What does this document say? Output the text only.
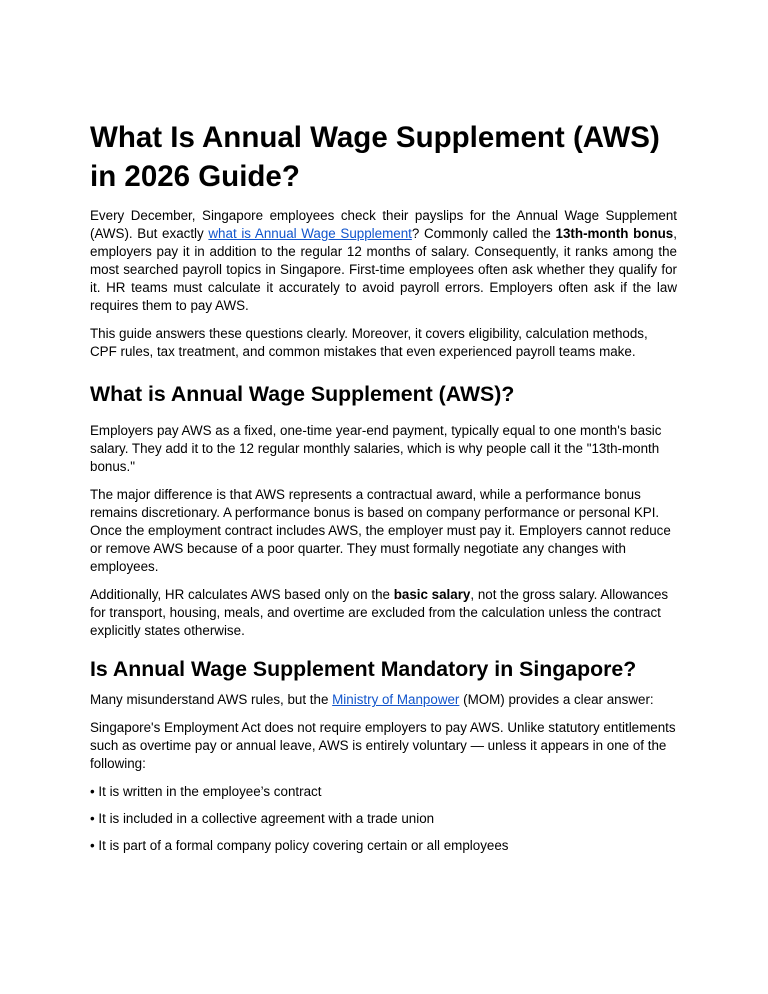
What Is Annual Wage Supplement (AWS) in 2026 Guide?

Every December, Singapore employees check their payslips for the Annual Wage Supplement (AWS). But exactly what is Annual Wage Supplement? Commonly called the 13th-month bonus, employers pay it in addition to the regular 12 months of salary. Consequently, it ranks among the most searched payroll topics in Singapore. First-time employees often ask whether they qualify for it. HR teams must calculate it accurately to avoid payroll errors. Employers often ask if the law requires them to pay AWS.

This guide answers these questions clearly. Moreover, it covers eligibility, calculation methods, CPF rules, tax treatment, and common mistakes that even experienced payroll teams make.

What is Annual Wage Supplement (AWS)?

Employers pay AWS as a fixed, one-time year-end payment, typically equal to one month's basic salary. They add it to the 12 regular monthly salaries, which is why people call it the "13th-month bonus."

The major difference is that AWS represents a contractual award, while a performance bonus remains discretionary. A performance bonus is based on company performance or personal KPI. Once the employment contract includes AWS, the employer must pay it. Employers cannot reduce or remove AWS because of a poor quarter. They must formally negotiate any changes with employees.

Additionally, HR calculates AWS based only on the basic salary, not the gross salary. Allowances for transport, housing, meals, and overtime are excluded from the calculation unless the contract explicitly states otherwise.

Is Annual Wage Supplement Mandatory in Singapore?

Many misunderstand AWS rules, but the Ministry of Manpower (MOM) provides a clear answer:

Singapore's Employment Act does not require employers to pay AWS. Unlike statutory entitlements such as overtime pay or annual leave, AWS is entirely voluntary — unless it appears in one of the following:

• It is written in the employee’s contract

• It is included in a collective agreement with a trade union

• It is part of a formal company policy covering certain or all employees
